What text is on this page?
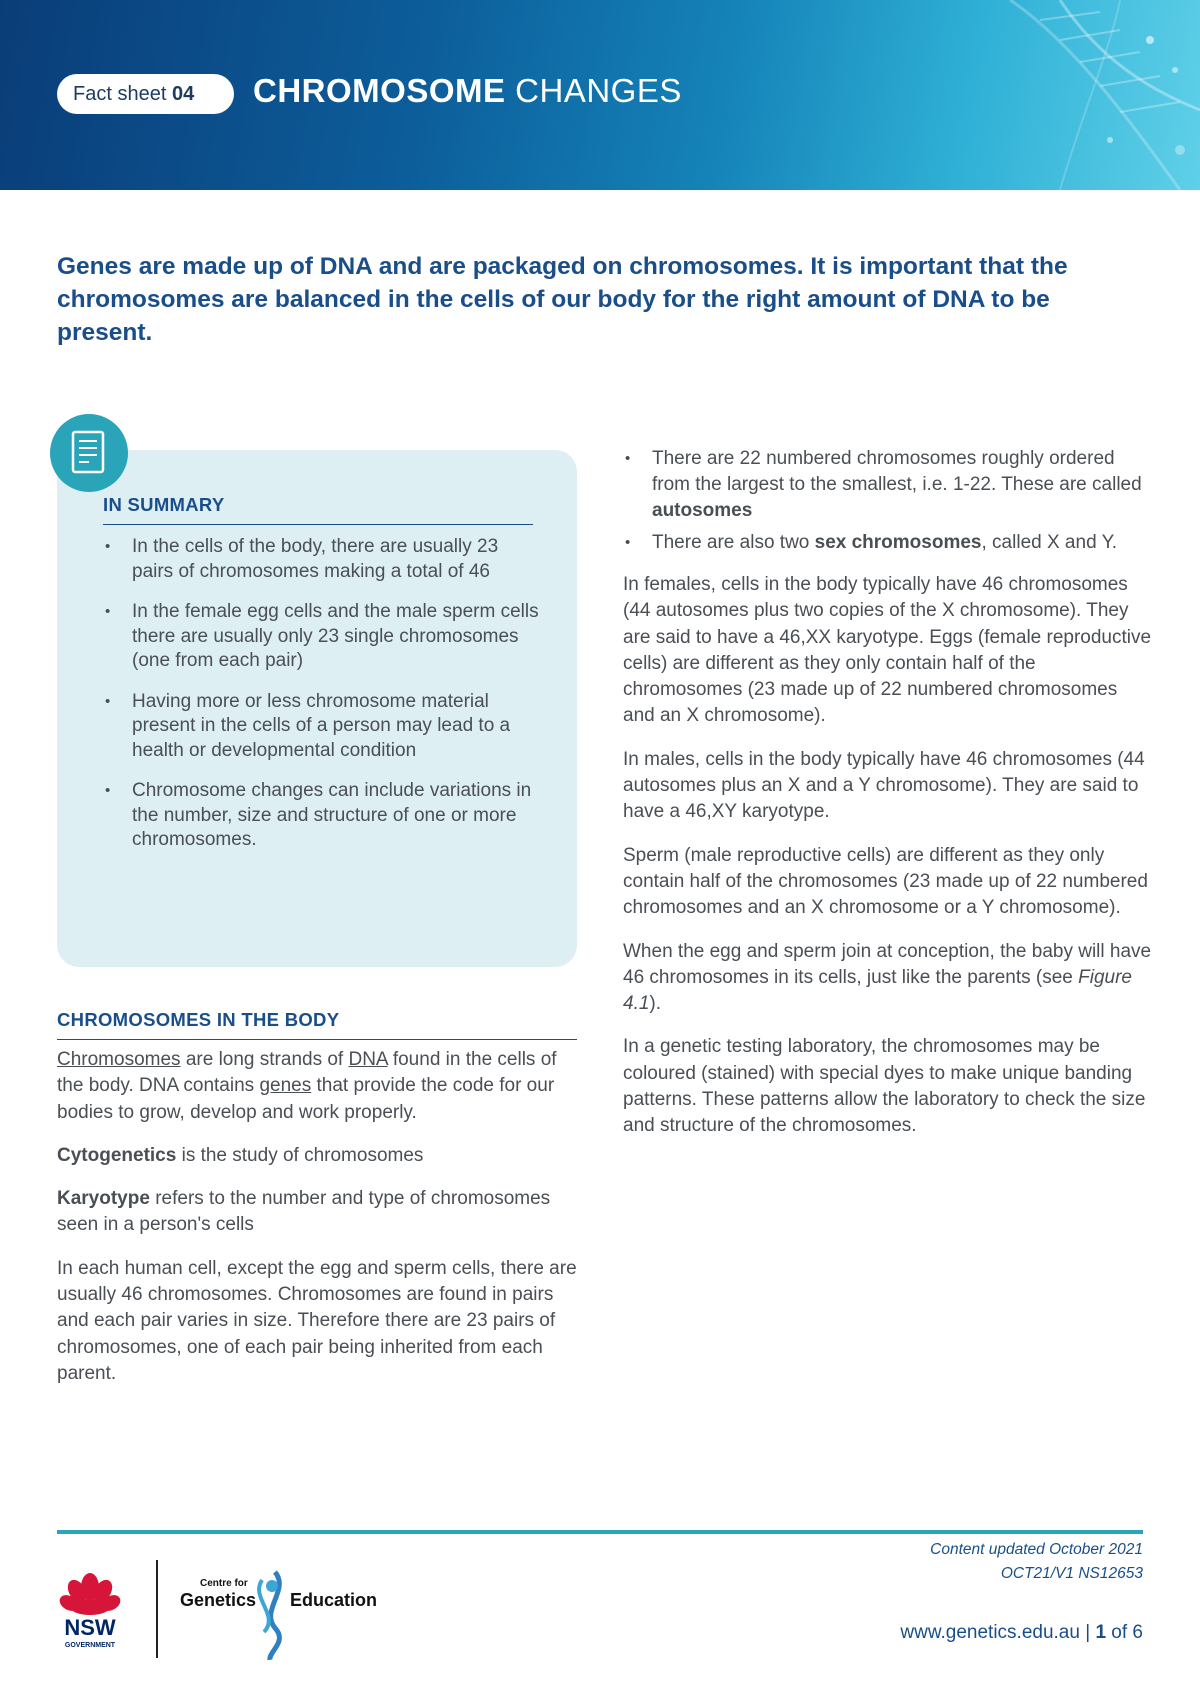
Fact sheet 04	CHROMOSOME CHANGES

Genes are made up of DNA and are packaged on chromosomes. It is important that the chromosomes are balanced in the cells of our body for the right amount of DNA to be present.

IN SUMMARY
• In the cells of the body, there are usually 23 pairs of chromosomes making a total of 46
• In the female egg cells and the male sperm cells there are usually only 23 single chromosomes (one from each pair)
• Having more or less chromosome material present in the cells of a person may lead to a health or developmental condition
• Chromosome changes can include variations in the number, size and structure of one or more chromosomes.
CHROMOSOMES IN THE BODY

Chromosomes are long strands of DNA found in the cells of the body. DNA contains genes that provide the code for our bodies to grow, develop and work properly.

Cytogenetics is the study of chromosomes

Karyotype refers to the number and type of chromosomes seen in a person's cells

In each human cell, except the egg and sperm cells, there are usually 46 chromosomes. Chromosomes are found in pairs and each pair varies in size. Therefore there are 23 pairs of chromosomes, one of each pair being inherited from each parent.

• There are 22 numbered chromosomes roughly ordered from the largest to the smallest, i.e. 1-22. These are called autosomes
• There are also two sex chromosomes, called X and Y.

In females, cells in the body typically have 46 chromosomes (44 autosomes plus two copies of the X chromosome). They are said to have a 46,XX karyotype. Eggs (female reproductive cells) are different as they only contain half of the chromosomes (23 made up of 22 numbered chromosomes and an X chromosome).

In males, cells in the body typically have 46 chromosomes (44 autosomes plus an X and a Y chromosome). They are said to have a 46,XY karyotype.

Sperm (male reproductive cells) are different as they only contain half of the chromosomes (23 made up of 22 numbered chromosomes and an X chromosome or a Y chromosome).

When the egg and sperm join at conception, the baby will have 46 chromosomes in its cells, just like the parents (see Figure 4.1).

In a genetic testing laboratory, the chromosomes may be coloured (stained) with special dyes to make unique banding patterns. These patterns allow the laboratory to check the size and structure of the chromosomes.

Content updated October 2021
OCT21/V1 NS12653
www.genetics.edu.au | 1 of 6
NSW
GOVERNMENT
Centre for
Genetics Education
